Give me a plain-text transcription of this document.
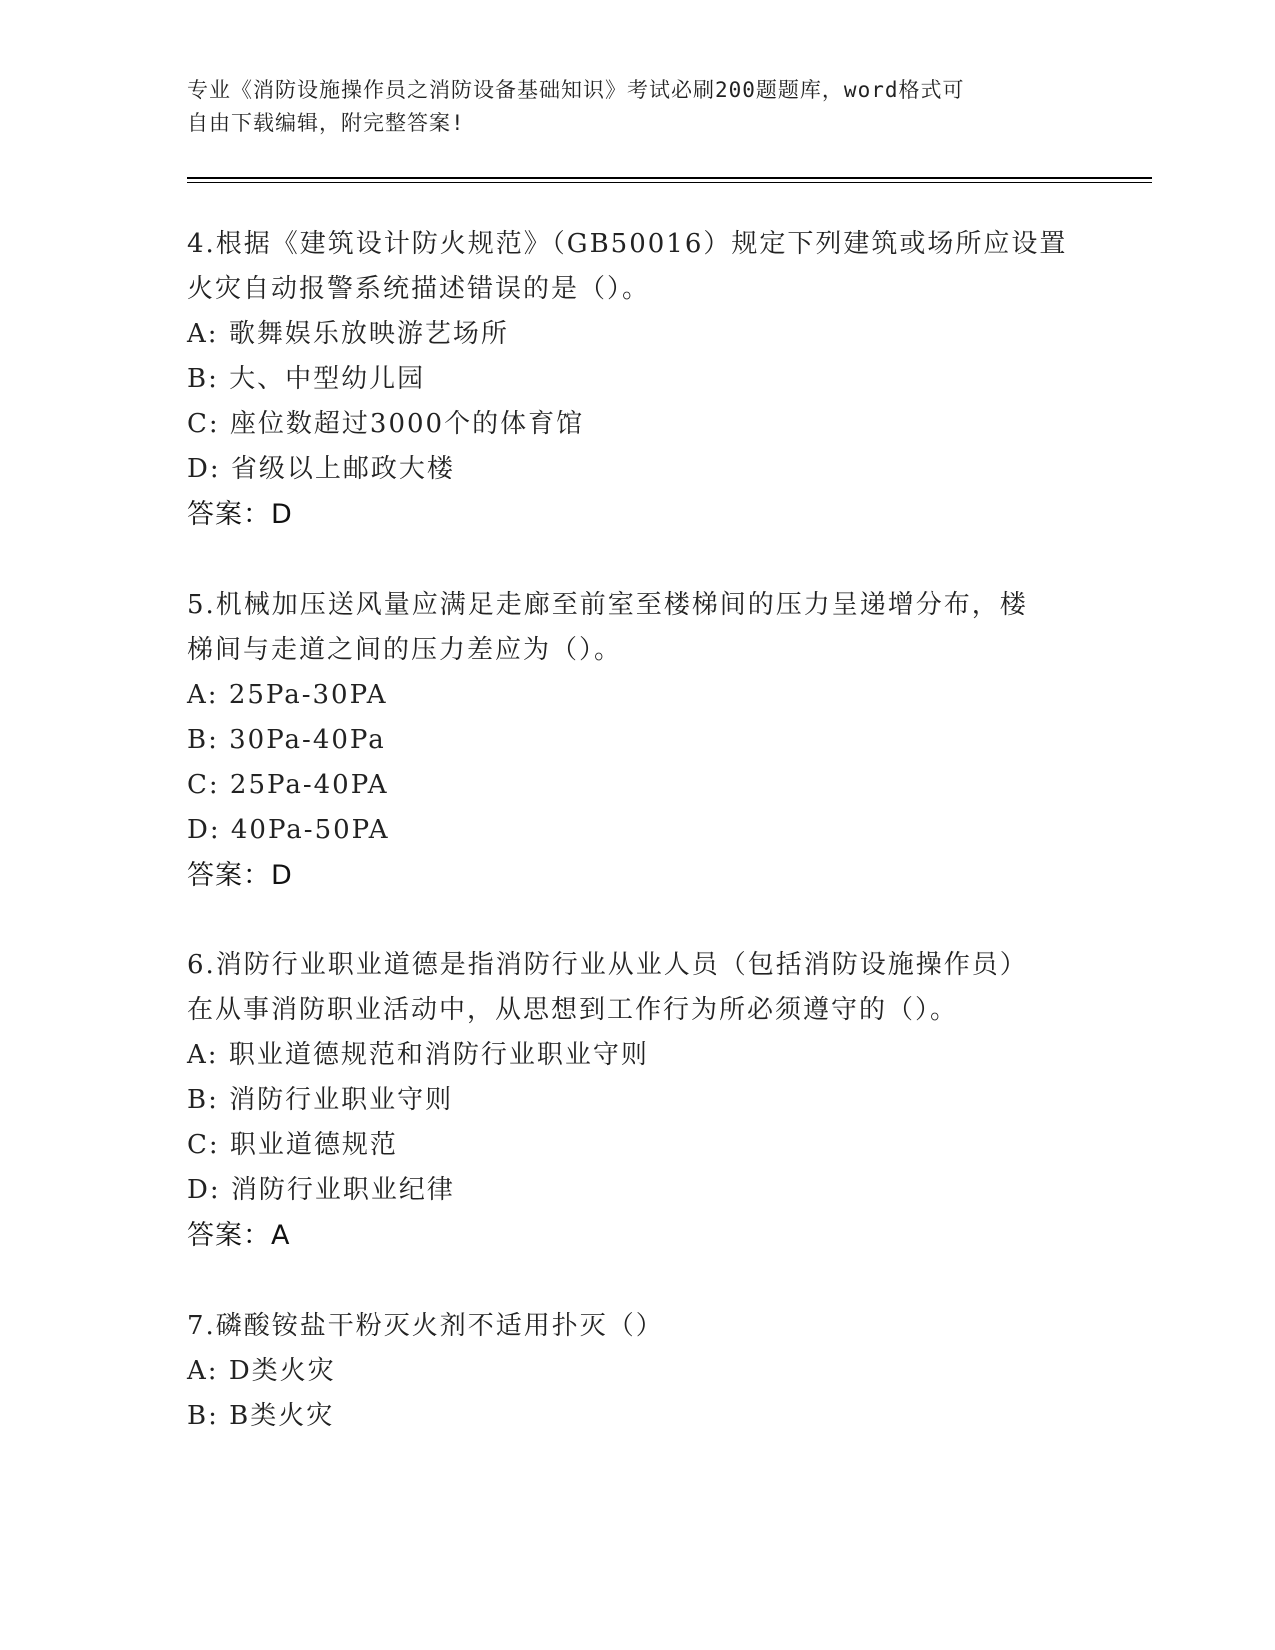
专业《消防设施操作员之消防设备基础知识》考试必刷200题题库，word格式可
自由下载编辑，附完整答案!
4.根据《建筑设计防火规范》（GB50016）规定下列建筑或场所应设置
火灾自动报警系统描述错误的是（）。
A: 歌舞娱乐放映游艺场所
B: 大、中型幼儿园
C: 座位数超过3000个的体育馆
D: 省级以上邮政大楼
答案：D
5.机械加压送风量应满足走廊至前室至楼梯间的压力呈递增分布，楼
梯间与走道之间的压力差应为（）。
A: 25Pa-30PA
B: 30Pa-40Pa
C: 25Pa-40PA
D: 40Pa-50PA
答案：D
6.消防行业职业道德是指消防行业从业人员（包括消防设施操作员）
在从事消防职业活动中，从思想到工作行为所必须遵守的（）。
A: 职业道德规范和消防行业职业守则
B: 消防行业职业守则
C: 职业道德规范
D: 消防行业职业纪律
答案：A
7.磷酸铵盐干粉灭火剂不适用扑灭（）
A: D类火灾
B: B类火灾
